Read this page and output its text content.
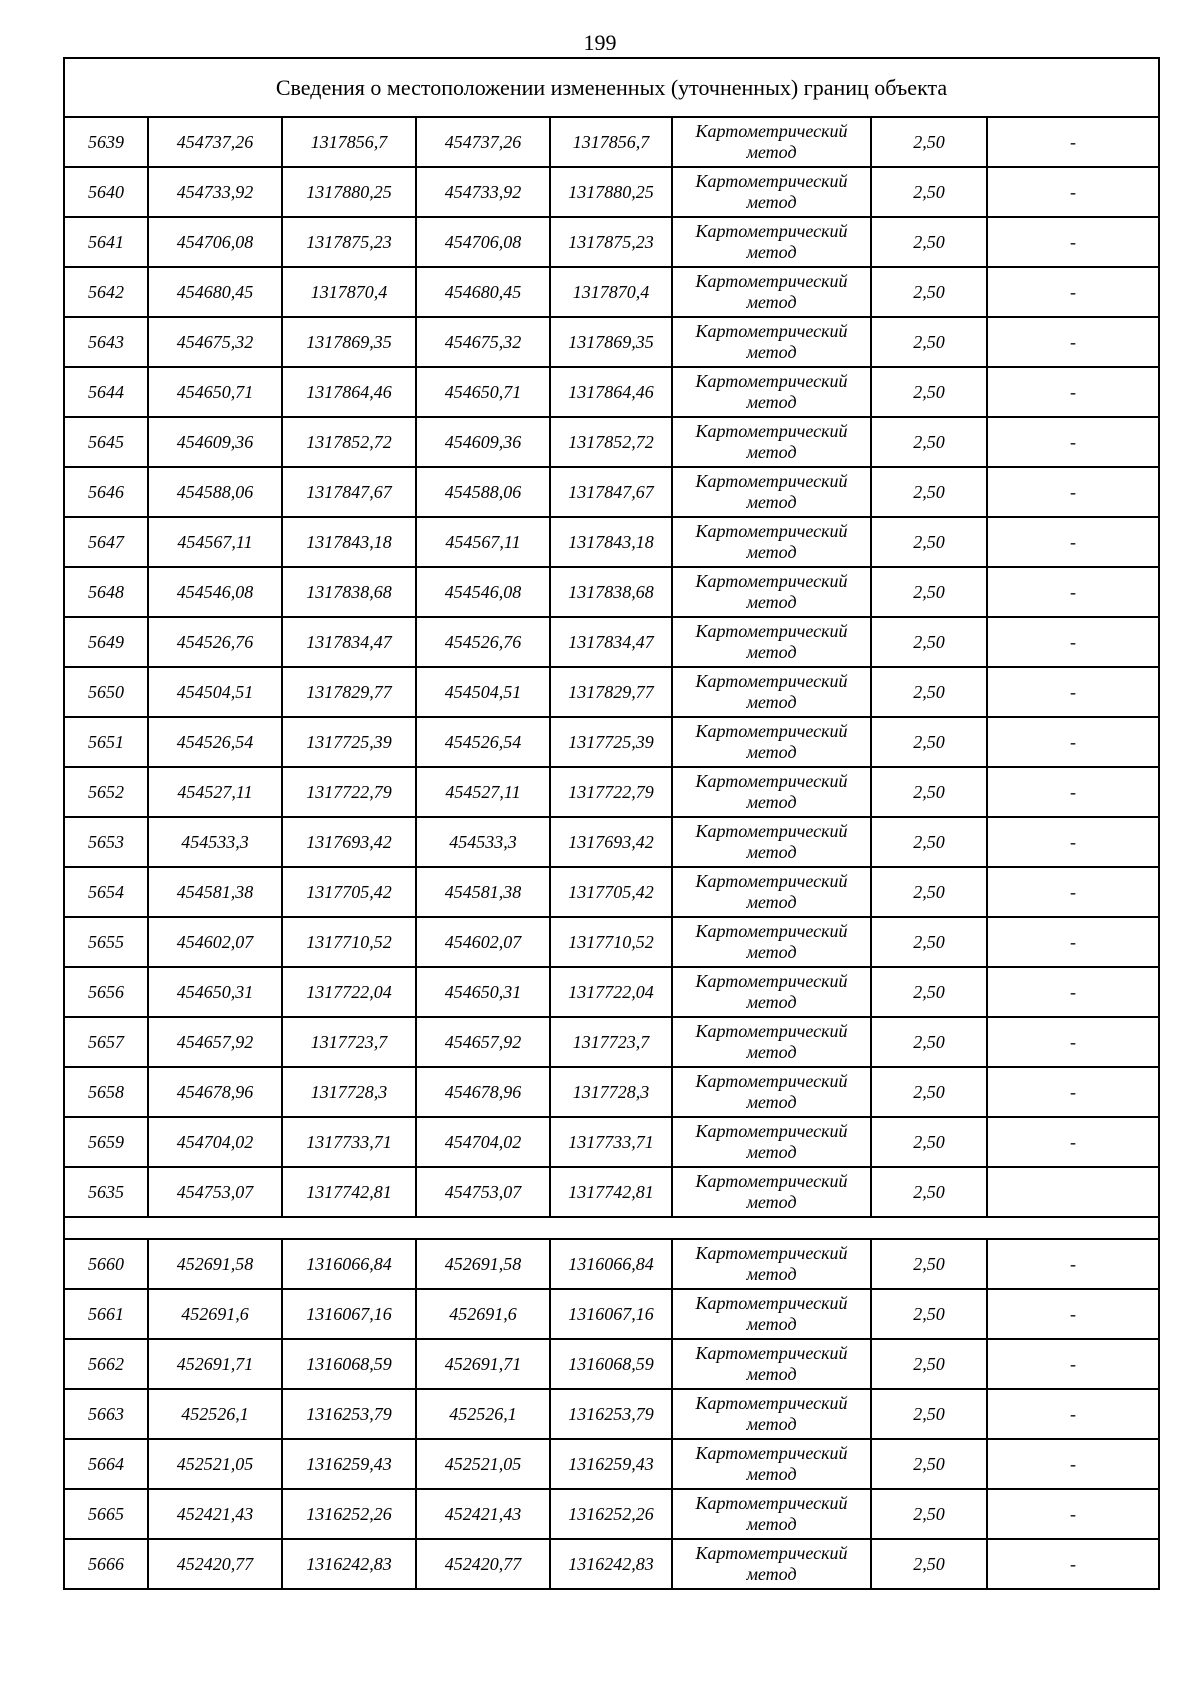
199
Сведения о местоположении измененных (уточненных) границ объекта							
5639	454737,26	1317856,7	454737,26	1317856,7	Картометрический
метод	2,50	-
5640	454733,92	1317880,25	454733,92	1317880,25	Картометрический
метод	2,50	-
5641	454706,08	1317875,23	454706,08	1317875,23	Картометрический
метод	2,50	-
5642	454680,45	1317870,4	454680,45	1317870,4	Картометрический
метод	2,50	-
5643	454675,32	1317869,35	454675,32	1317869,35	Картометрический
метод	2,50	-
5644	454650,71	1317864,46	454650,71	1317864,46	Картометрический
метод	2,50	-
5645	454609,36	1317852,72	454609,36	1317852,72	Картометрический
метод	2,50	-
5646	454588,06	1317847,67	454588,06	1317847,67	Картометрический
метод	2,50	-
5647	454567,11	1317843,18	454567,11	1317843,18	Картометрический
метод	2,50	-
5648	454546,08	1317838,68	454546,08	1317838,68	Картометрический
метод	2,50	-
5649	454526,76	1317834,47	454526,76	1317834,47	Картометрический
метод	2,50	-
5650	454504,51	1317829,77	454504,51	1317829,77	Картометрический
метод	2,50	-
5651	454526,54	1317725,39	454526,54	1317725,39	Картометрический
метод	2,50	-
5652	454527,11	1317722,79	454527,11	1317722,79	Картометрический
метод	2,50	-
5653	454533,3	1317693,42	454533,3	1317693,42	Картометрический
метод	2,50	-
5654	454581,38	1317705,42	454581,38	1317705,42	Картометрический
метод	2,50	-
5655	454602,07	1317710,52	454602,07	1317710,52	Картометрический
метод	2,50	-
5656	454650,31	1317722,04	454650,31	1317722,04	Картометрический
метод	2,50	-
5657	454657,92	1317723,7	454657,92	1317723,7	Картометрический
метод	2,50	-
5658	454678,96	1317728,3	454678,96	1317728,3	Картометрический
метод	2,50	-
5659	454704,02	1317733,71	454704,02	1317733,71	Картометрический
метод	2,50	-
5635	454753,07	1317742,81	454753,07	1317742,81	Картометрический
метод	2,50	

5660	452691,58	1316066,84	452691,58	1316066,84	Картометрический
метод	2,50	-
5661	452691,6	1316067,16	452691,6	1316067,16	Картометрический
метод	2,50	-
5662	452691,71	1316068,59	452691,71	1316068,59	Картометрический
метод	2,50	-
5663	452526,1	1316253,79	452526,1	1316253,79	Картометрический
метод	2,50	-
5664	452521,05	1316259,43	452521,05	1316259,43	Картометрический
метод	2,50	-
5665	452421,43	1316252,26	452421,43	1316252,26	Картометрический
метод	2,50	-
5666	452420,77	1316242,83	452420,77	1316242,83	Картометрический
метод	2,50	-
